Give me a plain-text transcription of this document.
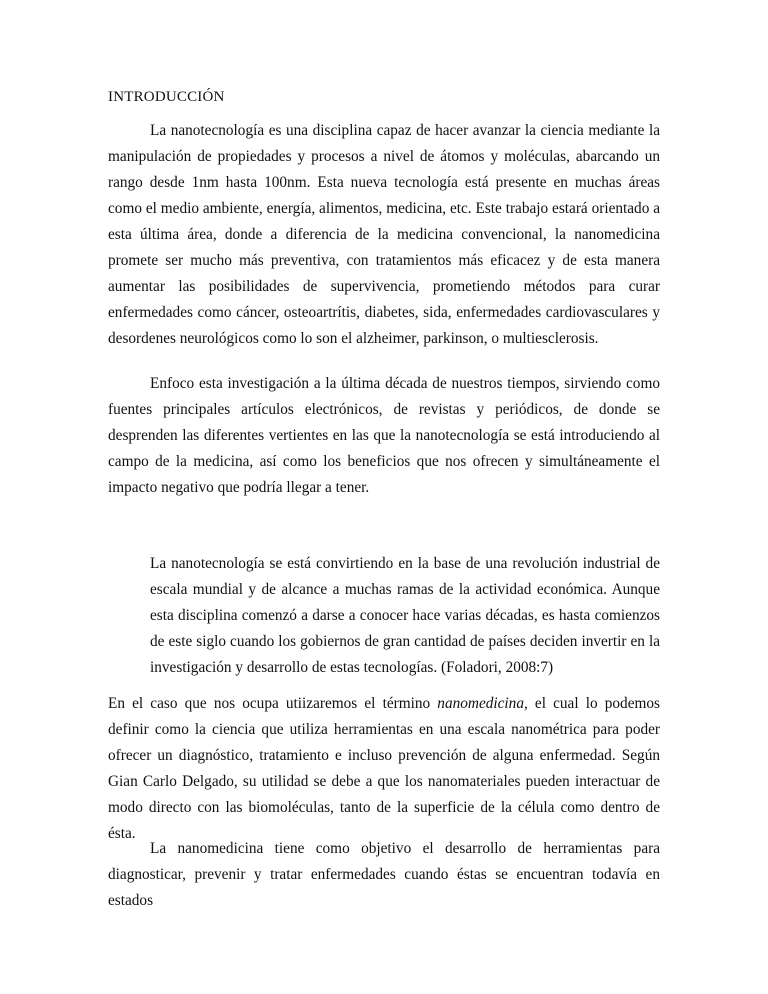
INTRODUCCIÓN
La nanotecnología es una disciplina capaz de hacer avanzar la ciencia mediante la manipulación de propiedades y procesos a nivel de átomos y moléculas, abarcando un rango desde 1nm hasta 100nm. Esta nueva tecnología está presente en muchas áreas como el medio ambiente, energía, alimentos, medicina, etc. Este trabajo estará orientado a esta última área, donde a diferencia de la medicina convencional, la nanomedicina promete ser mucho más preventiva, con tratamientos más eficacez y de esta manera aumentar las posibilidades de supervivencia, prometiendo métodos para curar enfermedades como cáncer, osteoartrítis, diabetes, sida, enfermedades cardiovasculares y desordenes neurológicos como lo son el alzheimer, parkinson, o multiesclerosis.
Enfoco esta investigación a la última década de nuestros tiempos, sirviendo como fuentes principales artículos electrónicos, de revistas y periódicos, de donde se desprenden las diferentes vertientes en las que la nanotecnología se está introduciendo al campo de la medicina, así como los beneficios que nos ofrecen y simultáneamente el impacto negativo que podría llegar a tener.
La nanotecnología se está convirtiendo en la base de una revolución industrial de escala mundial y de alcance a muchas ramas de la actividad económica. Aunque esta disciplina comenzó a darse a conocer hace varias décadas, es hasta comienzos de este siglo cuando los gobiernos de gran cantidad de países deciden invertir en la investigación y desarrollo de estas tecnologías. (Foladori, 2008:7)
En el caso que nos ocupa utiizaremos el término nanomedicina, el cual lo podemos definir como la ciencia que utiliza herramientas en una escala nanométrica para poder ofrecer un diagnóstico, tratamiento e incluso prevención de alguna enfermedad. Según Gian Carlo Delgado, su utilidad se debe a que los nanomateriales pueden interactuar de modo directo con las biomoléculas, tanto de la superficie de la célula como dentro de ésta.
La nanomedicina tiene como objetivo el desarrollo de herramientas para diagnosticar, prevenir y tratar enfermedades cuando éstas se encuentran todavía en estados
